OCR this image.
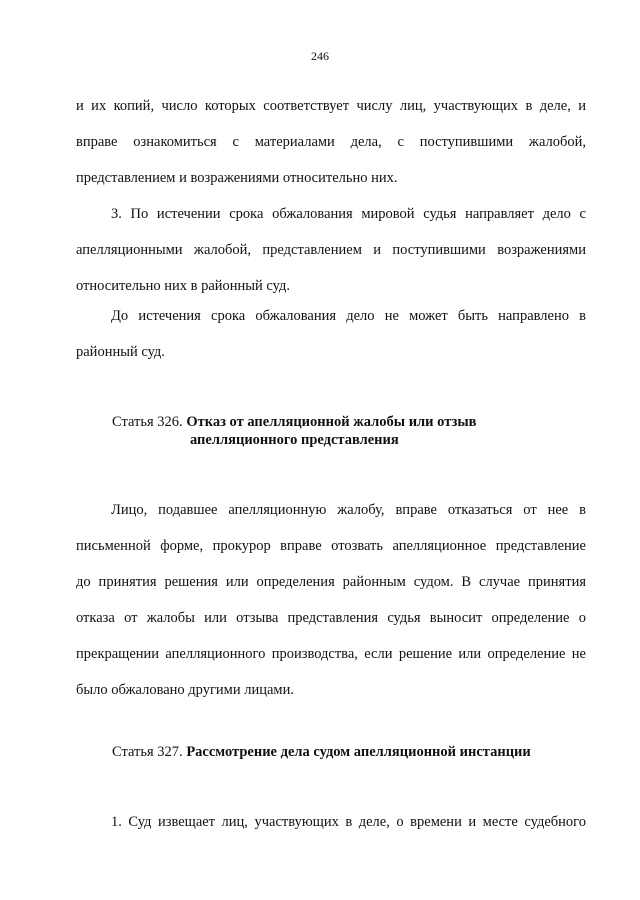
246
и их копий, число которых соответствует числу лиц, участвующих в деле, и
вправе ознакомиться с материалами дела, с поступившими жалобой,
представлением и возражениями относительно них.
3. По истечении срока обжалования мировой судья направляет дело с
апелляционными жалобой, представлением и поступившими возражениями
относительно них в районный суд.
До истечения срока обжалования дело не может быть направлено в
районный суд.
Статья 326. Отказ от апелляционной жалобы или отзыв
апелляционного представления
Лицо, подавшее апелляционную жалобу, вправе отказаться от нее в
письменной форме, прокурор вправе отозвать апелляционное представление
до принятия решения или определения районным судом. В случае принятия
отказа от жалобы или отзыва представления судья выносит определение о
прекращении апелляционного производства, если решение или определение не
было обжаловано другими лицами.
Статья 327. Рассмотрение дела судом апелляционной инстанции
1. Суд извещает лиц, участвующих в деле, о времени и месте судебного
